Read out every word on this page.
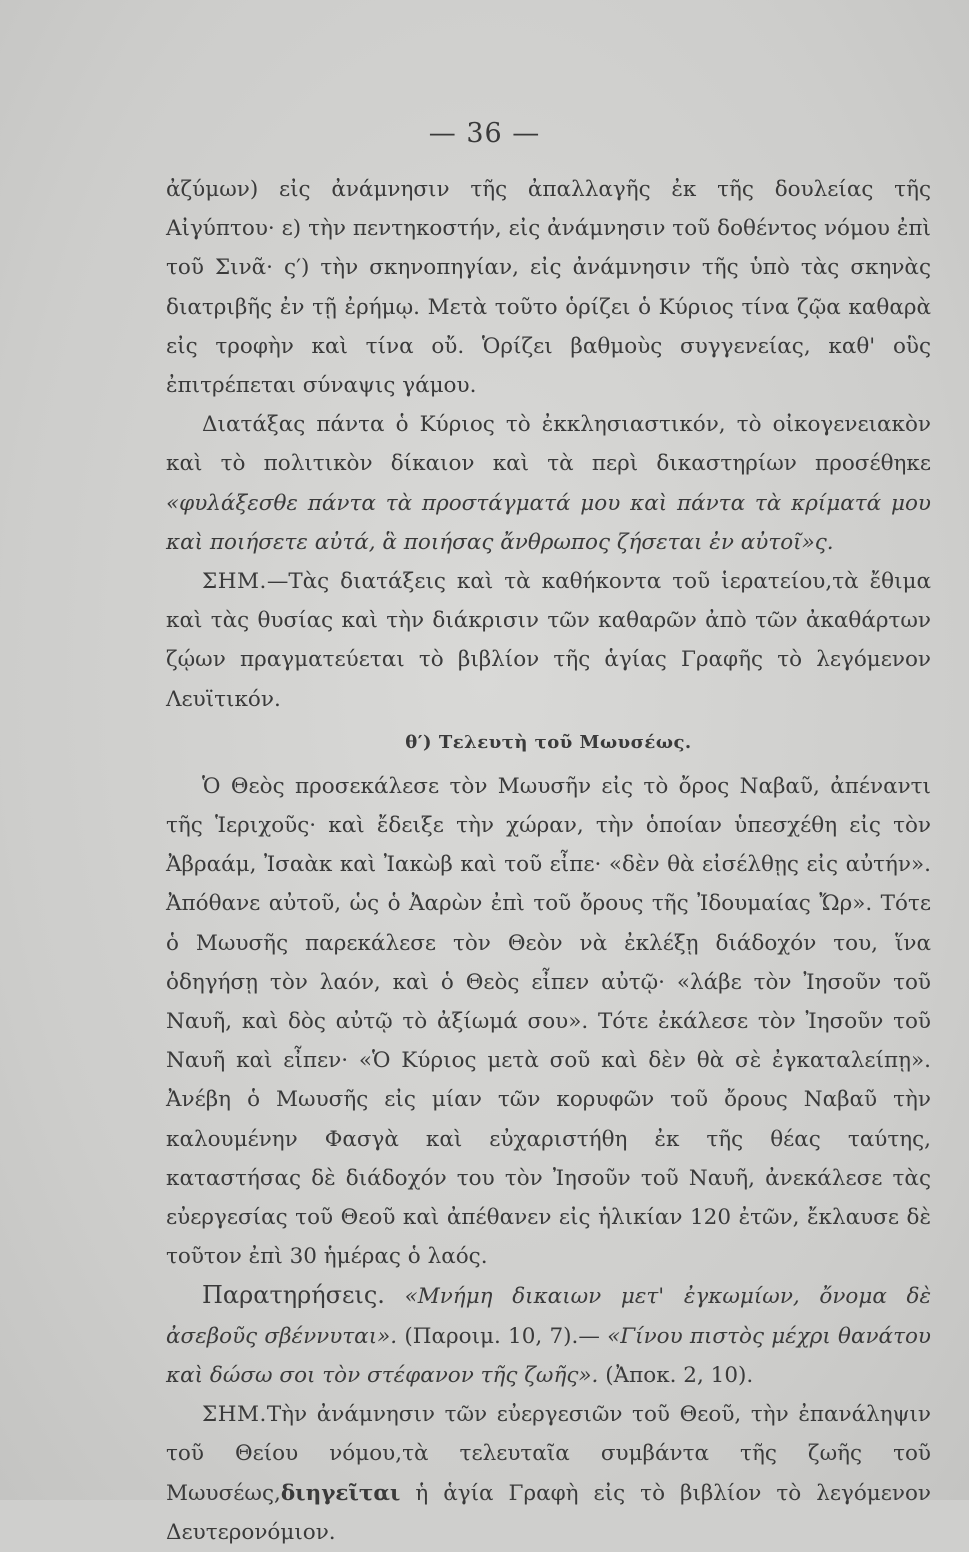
— 36 —

ἀζύμων) εἰς ἀνάμνησιν τῆς ἀπαλλαγῆς ἐκ τῆς δουλείας τῆς Αἰγύπτου· ε) τὴν πεντηκοστήν, εἰς ἀνάμνησιν τοῦ δοθέντος νόμου ἐπὶ τοῦ Σινᾶ· ς′) τὴν σκηνοπηγίαν, εἰς ἀνάμνησιν τῆς ὑπὸ τὰς σκηνὰς διατριβῆς ἐν τῇ ἐρήμῳ. Μετὰ τοῦτο ὁρίζει ὁ Κύριος τίνα ζῷα καθαρὰ εἰς τροφὴν καὶ τίνα οὔ. Ὁρίζει βαθμοὺς συγγενείας, καθ' οὓς ἐπιτρέπεται σύναψις γάμου.

Διατάξας πάντα ὁ Κύριος τὸ ἐκκλησιαστικόν, τὸ οἰκογενειακὸν καὶ τὸ πολιτικὸν δίκαιον καὶ τὰ περὶ δικαστηρίων προσέθηκε «φυλάξεσθε πάντα τὰ προστάγματά μου καὶ πάντα τὰ κρίματά μου καὶ ποιήσετε αὐτά, ἃ ποιήσας ἄνθρωπος ζήσεται ἐν αὐτοῖ»ς.

ΣΗΜ.—Τὰς διατάξεις καὶ τὰ καθήκοντα τοῦ ἱερατείου,τὰ ἔθιμα καὶ τὰς θυσίας καὶ τὴν διάκρισιν τῶν καθαρῶν ἀπὸ τῶν ἀκαθάρτων ζῴων πραγματεύεται τὸ βιβλίον τῆς ἁγίας Γραφῆς τὸ λεγόμενον Λευϊτικόν.

θ′) Τελευτὴ τοῦ Μωυσέως.

Ὁ Θεὸς προσεκάλεσε τὸν Μωυσῆν εἰς τὸ ὄρος Ναβαῦ, ἀπέναντι τῆς Ἱεριχοῦς· καὶ ἔδειξε τὴν χώραν, τὴν ὁποίαν ὑπεσχέθη εἰς τὸν Ἀβραάμ, Ἰσαὰκ καὶ Ἰακὼβ καὶ τοῦ εἶπε· «δὲν θὰ εἰσέλθῃς εἰς αὐτήν». Ἀπόθανε αὐτοῦ, ὡς ὁ Ἀαρὼν ἐπὶ τοῦ ὄρους τῆς Ἰδουμαίας Ὤρ». Τότε ὁ Μωυσῆς παρεκάλεσε τὸν Θεὸν νὰ ἐκλέξῃ διάδοχόν του, ἵνα ὁδηγήσῃ τὸν λαόν, καὶ ὁ Θεὸς εἶπεν αὐτῷ· «λάβε τὸν Ἰησοῦν τοῦ Ναυῆ, καὶ δὸς αὐτῷ τὸ ἀξίωμά σου». Τότε ἐκάλεσε τὸν Ἰησοῦν τοῦ Ναυῆ καὶ εἶπεν· «Ὁ Κύριος μετὰ σοῦ καὶ δὲν θὰ σὲ ἐγκαταλείπῃ». Ἀνέβη ὁ Μωυσῆς εἰς μίαν τῶν κορυφῶν τοῦ ὄρους Ναβαῦ τὴν καλουμένην Φασγὰ καὶ εὐχαριστήθη ἐκ τῆς θέας ταύτης, καταστήσας δὲ διάδοχόν του τὸν Ἰησοῦν τοῦ Ναυῆ, ἀνεκάλεσε τὰς εὐεργεσίας τοῦ Θεοῦ καὶ ἀπέθανεν εἰς ἡλικίαν 120 ἐτῶν, ἔκλαυσε δὲ τοῦτον ἐπὶ 30 ἡμέρας ὁ λαός.

Παρατηρήσεις. «Μνήμη δικαιων μετ' ἐγκωμίων, ὄνομα δὲ ἀσεβοῦς σβέννυται». (Παροιμ. 10, 7).— «Γίνου πιστὸς μέχρι θανάτου καὶ δώσω σοι τὸν στέφανον τῆς ζωῆς». (Ἀποκ. 2, 10).

ΣΗΜ.Τὴν ἀνάμνησιν τῶν εὐεργεσιῶν τοῦ Θεοῦ, τὴν ἐπανάληψιν τοῦ Θείου νόμου,τὰ τελευταῖα συμβάντα τῆς ζωῆς τοῦ Μωυσέως,διηγεῖται ἡ ἁγία Γραφὴ εἰς τὸ βιβλίον τὸ λεγόμενον Δευτερονόμιον.
